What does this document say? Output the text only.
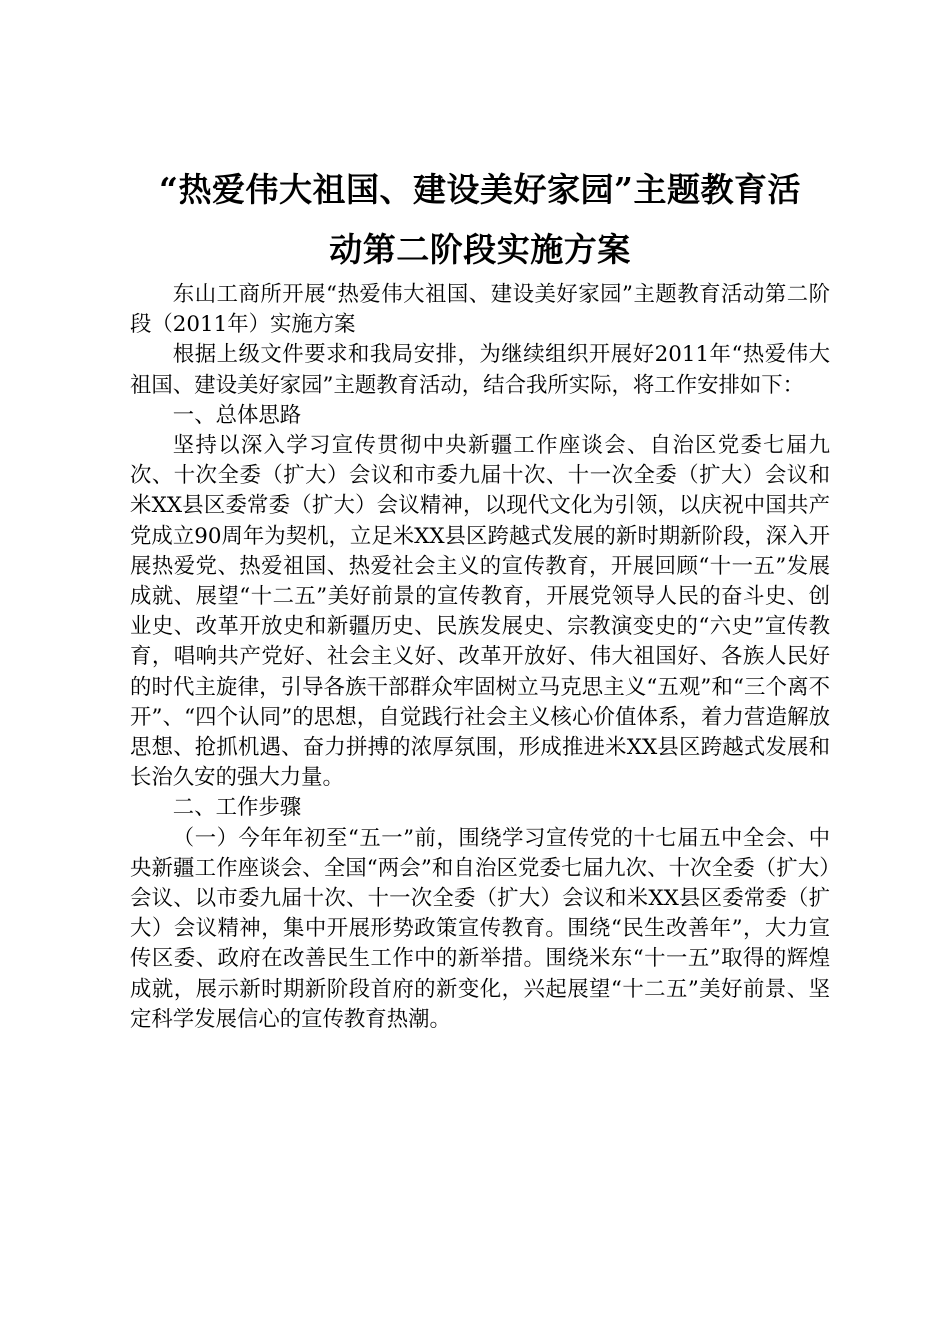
“热爱伟大祖国、建设美好家园”主题教育活
动第二阶段实施方案

东山工商所开展“热爱伟大祖国、建设美好家园”主题教育活动第二阶段（2011年）实施方案

根据上级文件要求和我局安排，为继续组织开展好2011年“热爱伟大祖国、建设美好家园”主题教育活动，结合我所实际，将工作安排如下：

一、总体思路

坚持以深入学习宣传贯彻中央新疆工作座谈会、自治区党委七届九次、十次全委（扩大）会议和市委九届十次、十一次全委（扩大）会议和米XX县区委常委（扩大）会议精神，以现代文化为引领，以庆祝中国共产党成立90周年为契机，立足米XX县区跨越式发展的新时期新阶段，深入开展热爱党、热爱祖国、热爱社会主义的宣传教育，开展回顾“十一五”发展成就、展望“十二五”美好前景的宣传教育，开展党领导人民的奋斗史、创业史、改革开放史和新疆历史、民族发展史、宗教演变史的“六史”宣传教育，唱响共产党好、社会主义好、改革开放好、伟大祖国好、各族人民好的时代主旋律，引导各族干部群众牢固树立马克思主义“五观”和“三个离不开”、“四个认同”的思想，自觉践行社会主义核心价值体系，着力营造解放思想、抢抓机遇、奋力拼搏的浓厚氛围，形成推进米XX县区跨越式发展和长治久安的强大力量。

二、工作步骤

（一）今年年初至“五一”前，围绕学习宣传党的十七届五中全会、中央新疆工作座谈会、全国“两会”和自治区党委七届九次、十次全委（扩大）会议、以市委九届十次、十一次全委（扩大）会议和米XX县区委常委（扩大）会议精神，集中开展形势政策宣传教育。围绕“民生改善年”，大力宣传区委、政府在改善民生工作中的新举措。围绕米东“十一五”取得的辉煌成就，展示新时期新阶段首府的新变化，兴起展望“十二五”美好前景、坚定科学发展信心的宣传教育热潮。
